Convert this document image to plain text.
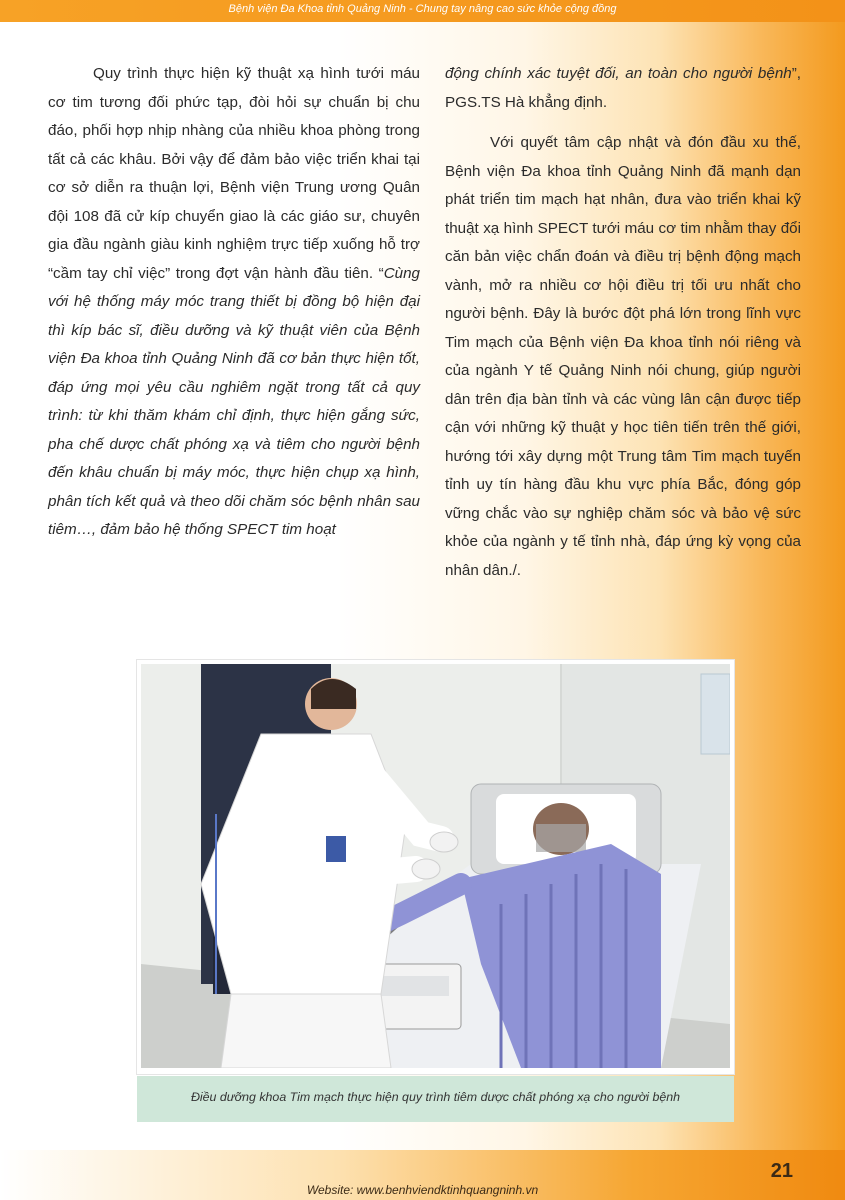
Bệnh viện Đa Khoa tỉnh Quảng Ninh - Chung tay nâng cao sức khỏe cộng đồng

Quy trình thực hiện kỹ thuật xạ hình tưới máu cơ tim tương đối phức tạp, đòi hỏi sự chuẩn bị chu đáo, phối hợp nhịp nhàng của nhiều khoa phòng trong tất cả các khâu. Bởi vậy để đảm bảo việc triển khai tại cơ sở diễn ra thuận lợi, Bệnh viện Trung ương Quân đội 108 đã cử kíp chuyển giao là các giáo sư, chuyên gia đầu ngành giàu kinh nghiệm trực tiếp xuống hỗ trợ “cầm tay chỉ việc” trong đợt vận hành đầu tiên. “Cùng với hệ thống máy móc trang thiết bị đồng bộ hiện đại thì kíp bác sĩ, điều dưỡng và kỹ thuật viên của Bệnh viện Đa khoa tỉnh Quảng Ninh đã cơ bản thực hiện tốt, đáp ứng mọi yêu cầu nghiêm ngặt trong tất cả quy trình: từ khi thăm khám chỉ định, thực hiện gắng sức, pha chế dược chất phóng xạ và tiêm cho người bệnh đến khâu chuẩn bị máy móc, thực hiện chụp xạ hình, phân tích kết quả và theo dõi chăm sóc bệnh nhân sau tiêm…, đảm bảo hệ thống SPECT tim hoạt

động chính xác tuyệt đối, an toàn cho người bệnh”, PGS.TS Hà khẳng định.

Với quyết tâm cập nhật và đón đầu xu thế, Bệnh viện Đa khoa tỉnh Quảng Ninh đã mạnh dạn phát triển tim mạch hạt nhân, đưa vào triển khai kỹ thuật xạ hình SPECT tưới máu cơ tim nhằm thay đổi căn bản việc chẩn đoán và điều trị bệnh động mạch vành, mở ra nhiều cơ hội điều trị tối ưu nhất cho người bệnh. Đây là bước đột phá lớn trong lĩnh vực Tim mạch của Bệnh viện Đa khoa tỉnh nói riêng và của ngành Y tế Quảng Ninh nói chung, giúp người dân trên địa bàn tỉnh và các vùng lân cận được tiếp cận với những kỹ thuật y học tiên tiến trên thế giới, hướng tới xây dựng một Trung tâm Tim mạch tuyến tỉnh uy tín hàng đầu khu vực phía Bắc, đóng góp vững chắc vào sự nghiệp chăm sóc và bảo vệ sức khỏe của ngành y tế tỉnh nhà, đáp ứng kỳ vọng của nhân dân./.

Điều dưỡng khoa Tim mạch thực hiện quy trình tiêm dược chất phóng xạ cho người bệnh
21
Website: www.benhviendktinhquangninh.vn
